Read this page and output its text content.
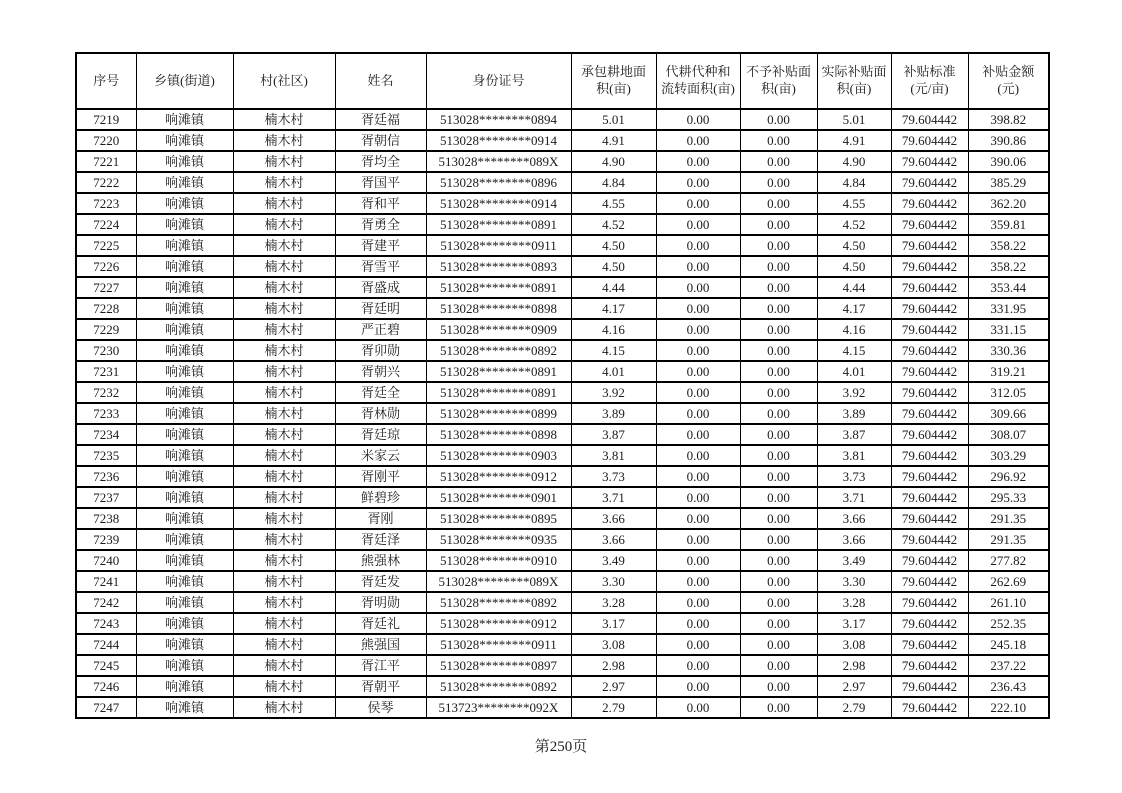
序号	乡镇(街道)	村(社区)	姓名	身份证号	承包耕地面积(亩)	代耕代种和流转面积(亩)	不予补贴面积(亩)	实际补贴面积(亩)	补贴标准(元/亩)	补贴金额(元)
7219	响滩镇	楠木村	胥廷福	513028********0894	5.01	0.00	0.00	5.01	79.604442	398.82
7220	响滩镇	楠木村	胥朝信	513028********0914	4.91	0.00	0.00	4.91	79.604442	390.86
7221	响滩镇	楠木村	胥均全	513028********089X	4.90	0.00	0.00	4.90	79.604442	390.06
7222	响滩镇	楠木村	胥国平	513028********0896	4.84	0.00	0.00	4.84	79.604442	385.29
7223	响滩镇	楠木村	胥和平	513028********0914	4.55	0.00	0.00	4.55	79.604442	362.20
7224	响滩镇	楠木村	胥勇全	513028********0891	4.52	0.00	0.00	4.52	79.604442	359.81
7225	响滩镇	楠木村	胥建平	513028********0911	4.50	0.00	0.00	4.50	79.604442	358.22
7226	响滩镇	楠木村	胥雪平	513028********0893	4.50	0.00	0.00	4.50	79.604442	358.22
7227	响滩镇	楠木村	胥盛成	513028********0891	4.44	0.00	0.00	4.44	79.604442	353.44
7228	响滩镇	楠木村	胥廷明	513028********0898	4.17	0.00	0.00	4.17	79.604442	331.95
7229	响滩镇	楠木村	严正碧	513028********0909	4.16	0.00	0.00	4.16	79.604442	331.15
7230	响滩镇	楠木村	胥卯勋	513028********0892	4.15	0.00	0.00	4.15	79.604442	330.36
7231	响滩镇	楠木村	胥朝兴	513028********0891	4.01	0.00	0.00	4.01	79.604442	319.21
7232	响滩镇	楠木村	胥廷全	513028********0891	3.92	0.00	0.00	3.92	79.604442	312.05
7233	响滩镇	楠木村	胥林勋	513028********0899	3.89	0.00	0.00	3.89	79.604442	309.66
7234	响滩镇	楠木村	胥廷琼	513028********0898	3.87	0.00	0.00	3.87	79.604442	308.07
7235	响滩镇	楠木村	米家云	513028********0903	3.81	0.00	0.00	3.81	79.604442	303.29
7236	响滩镇	楠木村	胥刚平	513028********0912	3.73	0.00	0.00	3.73	79.604442	296.92
7237	响滩镇	楠木村	鲜碧珍	513028********0901	3.71	0.00	0.00	3.71	79.604442	295.33
7238	响滩镇	楠木村	胥刚	513028********0895	3.66	0.00	0.00	3.66	79.604442	291.35
7239	响滩镇	楠木村	胥廷泽	513028********0935	3.66	0.00	0.00	3.66	79.604442	291.35
7240	响滩镇	楠木村	熊强林	513028********0910	3.49	0.00	0.00	3.49	79.604442	277.82
7241	响滩镇	楠木村	胥廷发	513028********089X	3.30	0.00	0.00	3.30	79.604442	262.69
7242	响滩镇	楠木村	胥明勋	513028********0892	3.28	0.00	0.00	3.28	79.604442	261.10
7243	响滩镇	楠木村	胥廷礼	513028********0912	3.17	0.00	0.00	3.17	79.604442	252.35
7244	响滩镇	楠木村	熊强国	513028********0911	3.08	0.00	0.00	3.08	79.604442	245.18
7245	响滩镇	楠木村	胥江平	513028********0897	2.98	0.00	0.00	2.98	79.604442	237.22
7246	响滩镇	楠木村	胥朝平	513028********0892	2.97	0.00	0.00	2.97	79.604442	236.43
7247	响滩镇	楠木村	侯琴	513723********092X	2.79	0.00	0.00	2.79	79.604442	222.10
第250页
